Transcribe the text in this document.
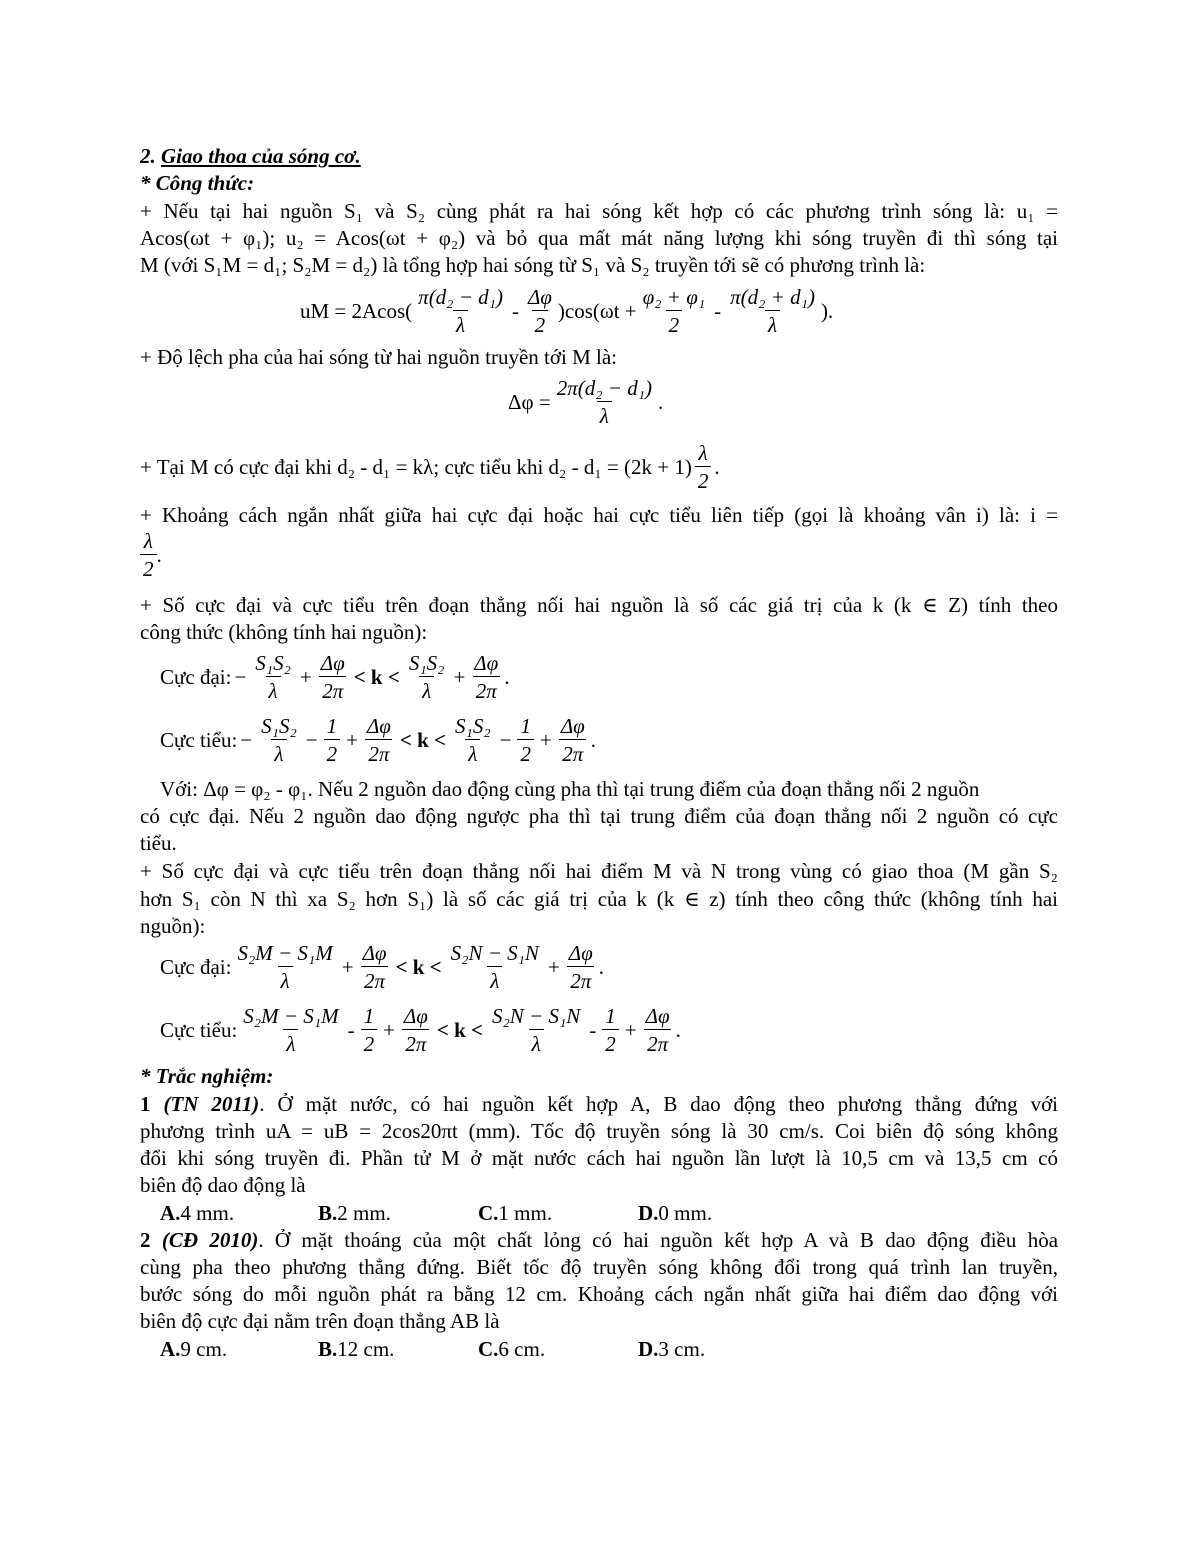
2. Giao thoa của sóng cơ.
* Công thức:
+ Nếu tại hai nguồn S₁ và S₂ cùng phát ra hai sóng kết hợp có các phương trình sóng là: u₁ =
Acos(ωt + φ₁); u₂ = Acos(ωt + φ₂) và bỏ qua mất mát năng lượng khi sóng truyền đi thì sóng tại
M (với S₁M = d₁; S₂M = d₂) là tổng hợp hai sóng từ S₁ và S₂ truyền tới sẽ có phương trình là:
uM = $2Acos( \frac{\text{π(d₂ − d₁)}}{\lambda} - \frac{\Delta\varphi}{2} )\cos(\omega t + \frac{\text{φ₂ + φ₁}}{2} - \frac{\text{π(d₂ + d₁)}}{\lambda}$ ).
+ Độ lệch pha của hai sóng từ hai nguồn truyền tới M là:
$\Delta\varphi = \frac{\text{2π(d₂ − d₁)}}{\lambda}$ .
+ Tại M có cực đại khi d₂ - d₁ = kλ; cực tiểu khi $d_2 - d_1 = (2k + 1) \frac{\lambda}{2}$ .
+ Khoảng cách ngắn nhất giữa hai cực đại hoặc hai cực tiểu liên tiếp (gọi là khoảng vân i) là: i =
$\frac{\lambda}{2}$ .
+ Số cực đại và cực tiểu trên đoạn thẳng nối hai nguồn là số các giá trị của k (k ∈ Z) tính theo
công thức (không tính hai nguồn):
Cực đại: − $\frac{\text{S₁S₂}}{\lambda} + \frac{\Delta\varphi}{2\pi} < k < \frac{\text{S₁S₂}}{\lambda} + \frac{\Delta\varphi}{2\pi}$ .
Cực tiểu: − $\frac{\text{S₁S₂}}{\lambda} - \frac{1}{2} + \frac{\Delta\varphi}{2\pi} < k < \frac{\text{S₁S₂}}{\lambda} - \frac{1}{2} + \frac{\Delta\varphi}{2\pi}$ .
Với: Δφ = φ₂ - φ₁. Nếu 2 nguồn dao động cùng pha thì tại trung điểm của đoạn thẳng nối 2 nguồn
có cực đại. Nếu 2 nguồn dao động ngược pha thì tại trung điểm của đoạn thẳng nối 2 nguồn có cực
tiểu.
+ Số cực đại và cực tiểu trên đoạn thẳng nối hai điểm M và N trong vùng có giao thoa (M gần S₂
hơn S₁ còn N thì xa S₂ hơn S₁) là số các giá trị của k (k ∈ z) tính theo công thức (không tính hai
nguồn):
Cực đại: $\frac{\text{S₂M − S₁M}}{\lambda} + \frac{\Delta\varphi}{2\pi} < k < \frac{\text{S₂N − S₁N}}{\lambda} + \frac{\Delta\varphi}{2\pi}$ .
Cực tiểu: $\frac{\text{S₂M − S₁M}}{\lambda} - \frac{1}{2} + \frac{\Delta\varphi}{2\pi} < k < \frac{\text{S₂N − S₁N}}{\lambda} - \frac{1}{2} + \frac{\Delta\varphi}{2\pi}$ .
* Trắc nghiệm:
1 (TN 2011). Ở mặt nước, có hai nguồn kết hợp A, B dao động theo phương thẳng đứng với
phương trình uA = uB = 2cos20πt (mm). Tốc độ truyền sóng là 30 cm/s. Coi biên độ sóng không
đổi khi sóng truyền đi. Phần tử M ở mặt nước cách hai nguồn lần lượt là 10,5 cm và 13,5 cm có
biên độ dao động là
A.4 mm.	B.2 mm.	C.1 mm.	D.0 mm.
2 (CĐ 2010). Ở mặt thoáng của một chất lỏng có hai nguồn kết hợp A và B dao động điều hòa
cùng pha theo phương thẳng đứng. Biết tốc độ truyền sóng không đổi trong quá trình lan truyền,
bước sóng do mỗi nguồn phát ra bằng 12 cm. Khoảng cách ngắn nhất giữa hai điểm dao động với
biên độ cực đại nằm trên đoạn thẳng AB là
A.9 cm.	B.12 cm.	C.6 cm.	D.3 cm.
